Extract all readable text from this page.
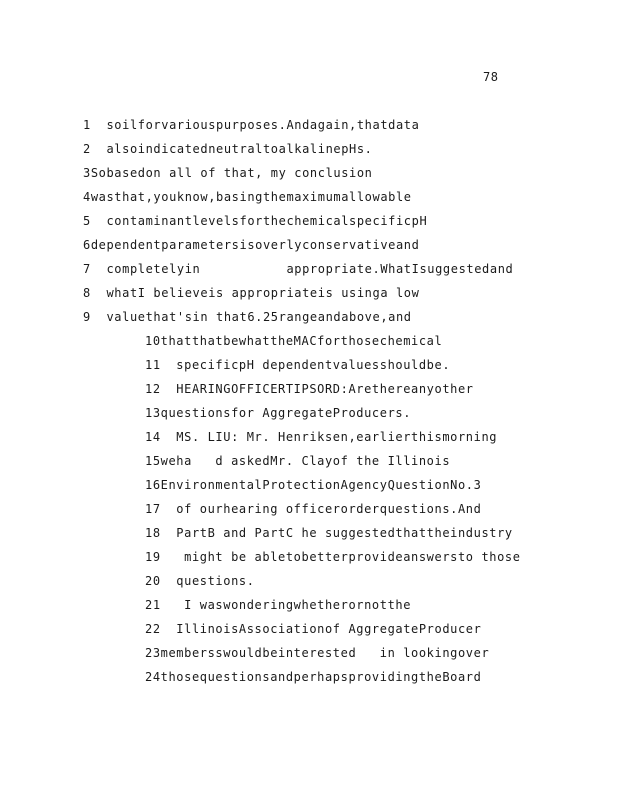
78
1  soilforvariouspurposes.Andagain,thatdata
2  alsoindicatedneutraltoalkalinepHs.
3Sobasedon all of that, my conclusion
4wasthat,youknow,basingthemaximumallowable
5  contaminantlevelsforthechemicalspecificpH
6dependentparametersisoverlyconservativeand
7  completelyin           appropriate.WhatIsuggestedand
8  whatI believeis appropriateis usinga low
9  valuethat'sin that6.25rangeandabove,and
10thatthatbewhattheMACforthosechemical
11  specificpH dependentvaluesshouldbe.
12  HEARINGOFFICERTIPSORD:Arethereanyother
13questionsfor AggregateProducers.
14  MS. LIU: Mr. Henriksen,earlierthismorning
15weha   d askedMr. Clayof the Illinois
16EnvironmentalProtectionAgencyQuestionNo.3
17  of ourhearing officerorderquestions.And
18  PartB and PartC he suggestedthattheindustry
19   might be abletobetterprovideanswersto those
20  questions.
21   I waswonderingwhetherornotthe
22  IllinoisAssociationof AggregateProducer
23membersswouldbeinterested   in lookingover
24thosequestionsandperhapsprovidingtheBoard
